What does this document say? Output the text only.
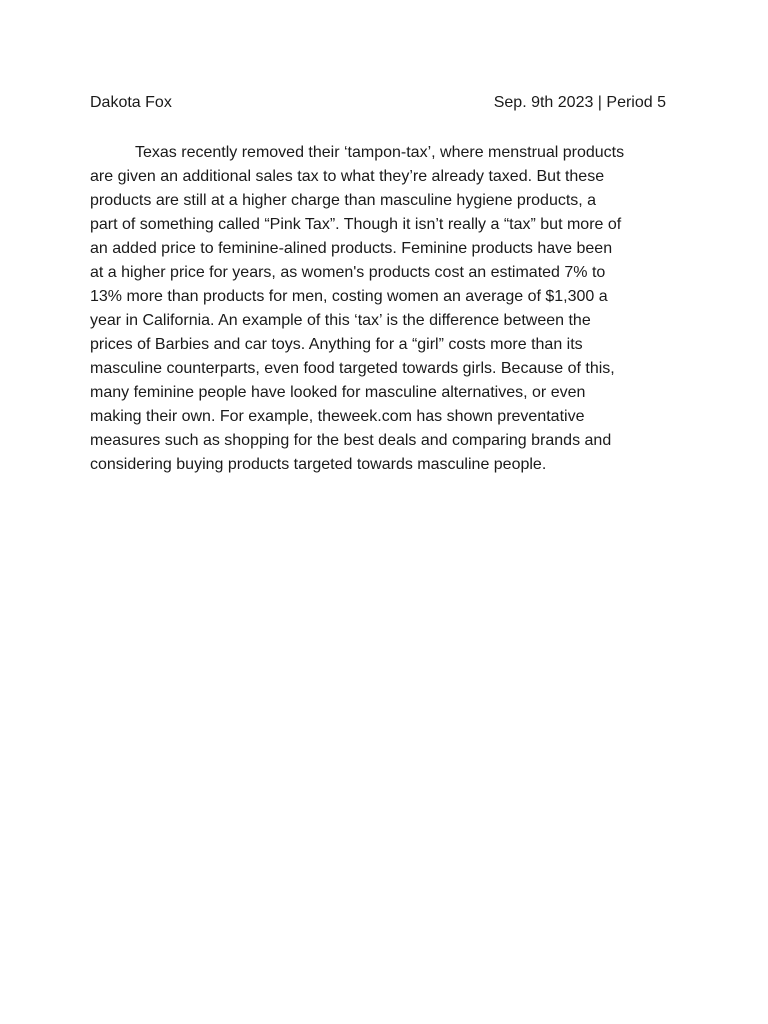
Dakota Fox	Sep. 9th 2023 | Period 5

Texas recently removed their ‘tampon-tax’, where menstrual products
are given an additional sales tax to what they’re already taxed. But these
products are still at a higher charge than masculine hygiene products, a
part of something called “Pink Tax”. Though it isn’t really a “tax” but more of
an added price to feminine-alined products. Feminine products have been
at a higher price for years, as women's products cost an estimated 7% to
13% more than products for men, costing women an average of $1,300 a
year in California. An example of this ‘tax’ is the difference between the
prices of Barbies and car toys. Anything for a “girl” costs more than its
masculine counterparts, even food targeted towards girls. Because of this,
many feminine people have looked for masculine alternatives, or even
making their own. For example, theweek.com has shown preventative
measures such as shopping for the best deals and comparing brands and
considering buying products targeted towards masculine people.
